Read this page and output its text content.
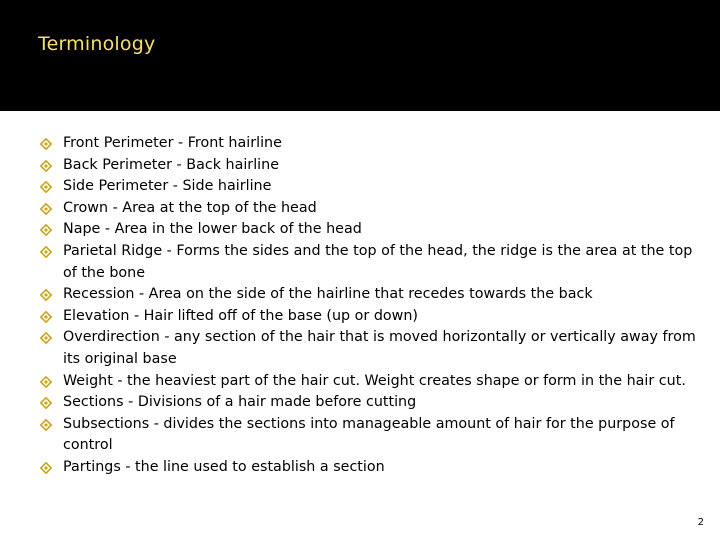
Terminology
Front Perimeter - Front hairline
Back Perimeter - Back hairline
Side Perimeter - Side hairline
Crown - Area at the top of the head
Nape - Area in the lower back of the head
Parietal Ridge - Forms the sides and the top of the head, the ridge is the area at the top of the bone
Recession - Area on the side of the hairline that recedes towards the back
Elevation - Hair lifted off of the base (up or down)
Overdirection - any section of the hair that is moved horizontally or vertically away from its original base
Weight - the heaviest part of the hair cut. Weight creates shape or form in the hair cut.
Sections - Divisions of a hair made before cutting
Subsections - divides the sections into manageable amount of hair for the purpose of control
Partings - the line used to establish a section
2
